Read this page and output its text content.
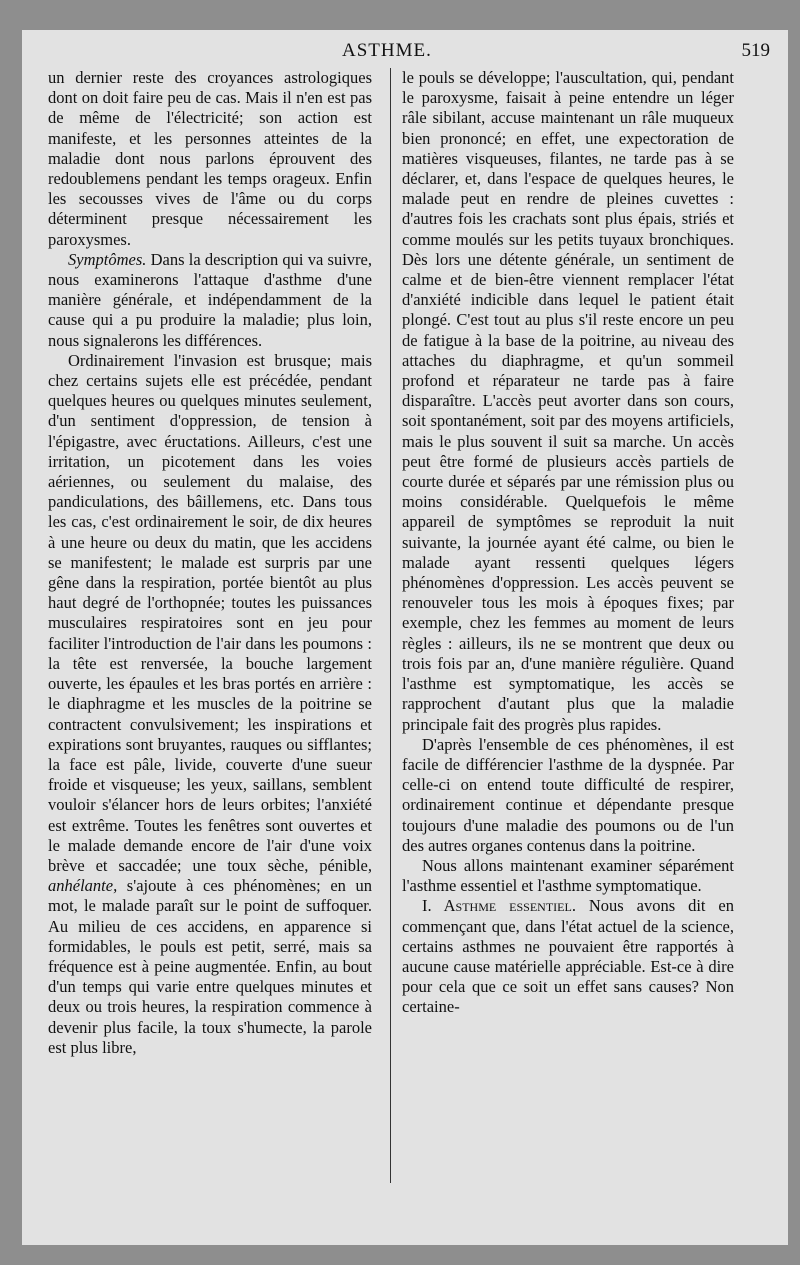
ASTHME.	519

un dernier reste des croyances astrologiques dont on doit faire peu de cas. Mais il n'en est pas de même de l'électricité; son action est manifeste, et les personnes atteintes de la maladie dont nous parlons éprouvent des redoublemens pendant les temps orageux. Enfin les secousses vives de l'âme ou du corps déterminent presque nécessairement les paroxysmes.

Symptômes. Dans la description qui va suivre, nous examinerons l'attaque d'asthme d'une manière générale, et indépendamment de la cause qui a pu produire la maladie; plus loin, nous signalerons les différences.

Ordinairement l'invasion est brusque; mais chez certains sujets elle est précédée, pendant quelques heures ou quelques minutes seulement, d'un sentiment d'oppression, de tension à l'épigastre, avec éructations. Ailleurs, c'est une irritation, un picotement dans les voies aériennes, ou seulement du malaise, des pandiculations, des bâillemens, etc. Dans tous les cas, c'est ordinairement le soir, de dix heures à une heure ou deux du matin, que les accidens se manifestent; le malade est surpris par une gêne dans la respiration, portée bientôt au plus haut degré de l'orthopnée; toutes les puissances musculaires respiratoires sont en jeu pour faciliter l'introduction de l'air dans les poumons : la tête est renversée, la bouche largement ouverte, les épaules et les bras portés en arrière : le diaphragme et les muscles de la poitrine se contractent convulsivement; les inspirations et expirations sont bruyantes, rauques ou sifflantes; la face est pâle, livide, couverte d'une sueur froide et visqueuse; les yeux, saillans, semblent vouloir s'élancer hors de leurs orbites; l'anxiété est extrême. Toutes les fenêtres sont ouvertes et le malade demande encore de l'air d'une voix brève et saccadée; une toux sèche, pénible, anhélante, s'ajoute à ces phénomènes; en un mot, le malade paraît sur le point de suffoquer. Au milieu de ces accidens, en apparence si formidables, le pouls est petit, serré, mais sa fréquence est à peine augmentée. Enfin, au bout d'un temps qui varie entre quelques minutes et deux ou trois heures, la respiration commence à devenir plus facile, la toux s'humecte, la parole est plus libre,

le pouls se développe; l'auscultation, qui, pendant le paroxysme, faisait à peine entendre un léger râle sibilant, accuse maintenant un râle muqueux bien prononcé; en effet, une expectoration de matières visqueuses, filantes, ne tarde pas à se déclarer, et, dans l'espace de quelques heures, le malade peut en rendre de pleines cuvettes : d'autres fois les crachats sont plus épais, striés et comme moulés sur les petits tuyaux bronchiques. Dès lors une détente générale, un sentiment de calme et de bien-être viennent remplacer l'état d'anxiété indicible dans lequel le patient était plongé. C'est tout au plus s'il reste encore un peu de fatigue à la base de la poitrine, au niveau des attaches du diaphragme, et qu'un sommeil profond et réparateur ne tarde pas à faire disparaître. L'accès peut avorter dans son cours, soit spontanément, soit par des moyens artificiels, mais le plus souvent il suit sa marche. Un accès peut être formé de plusieurs accès partiels de courte durée et séparés par une rémission plus ou moins considérable. Quelquefois le même appareil de symptômes se reproduit la nuit suivante, la journée ayant été calme, ou bien le malade ayant ressenti quelques légers phénomènes d'oppression. Les accès peuvent se renouveler tous les mois à époques fixes; par exemple, chez les femmes au moment de leurs règles : ailleurs, ils ne se montrent que deux ou trois fois par an, d'une manière régulière. Quand l'asthme est symptomatique, les accès se rapprochent d'autant plus que la maladie principale fait des progrès plus rapides.

D'après l'ensemble de ces phénomènes, il est facile de différencier l'asthme de la dyspnée. Par celle-ci on entend toute difficulté de respirer, ordinairement continue et dépendante presque toujours d'une maladie des poumons ou de l'un des autres organes contenus dans la poitrine.

Nous allons maintenant examiner séparément l'asthme essentiel et l'asthme symptomatique.

I. Asthme essentiel. Nous avons dit en commençant que, dans l'état actuel de la science, certains asthmes ne pouvaient être rapportés à aucune cause matérielle appréciable. Est-ce à dire pour cela que ce soit un effet sans causes? Non certaine-
